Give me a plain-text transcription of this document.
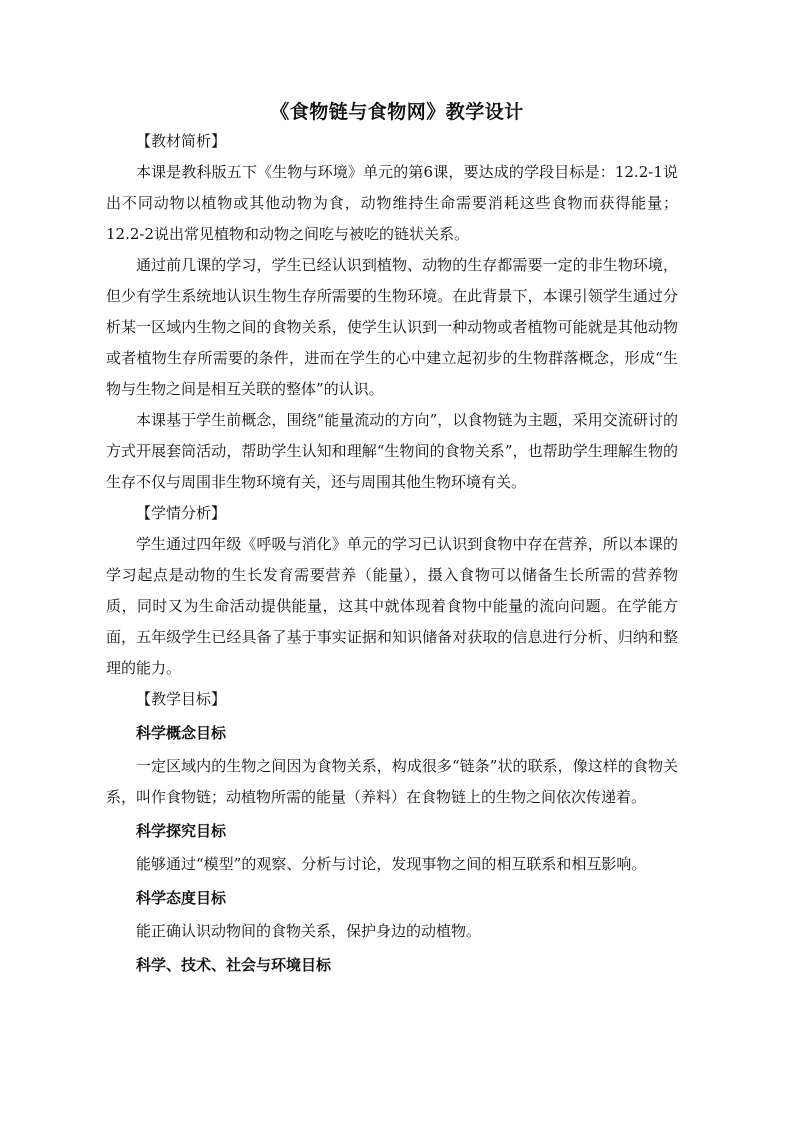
《食物链与食物网》教学设计

【教材简析】

本课是教科版五下《生物与环境》单元的第6课，要达成的学段目标是：12.2-1说出不同动物以植物或其他动物为食，动物维持生命需要消耗这些食物而获得能量；12.2-2说出常见植物和动物之间吃与被吃的链状关系。

通过前几课的学习，学生已经认识到植物、动物的生存都需要一定的非生物环境，但少有学生系统地认识生物生存所需要的生物环境。在此背景下，本课引领学生通过分析某一区域内生物之间的食物关系，使学生认识到一种动物或者植物可能就是其他动物或者植物生存所需要的条件，进而在学生的心中建立起初步的生物群落概念，形成“生物与生物之间是相互关联的整体”的认识。

本课基于学生前概念，围绕“能量流动的方向”，以食物链为主题，采用交流研讨的方式开展套筒活动，帮助学生认知和理解“生物间的食物关系”，也帮助学生理解生物的生存不仅与周围非生物环境有关，还与周围其他生物环境有关。

【学情分析】

学生通过四年级《呼吸与消化》单元的学习已认识到食物中存在营养，所以本课的学习起点是动物的生长发育需要营养（能量），摄入食物可以储备生长所需的营养物质，同时又为生命活动提供能量，这其中就体现着食物中能量的流向问题。在学能方面，五年级学生已经具备了基于事实证据和知识储备对获取的信息进行分析、归纳和整理的能力。

【教学目标】

科学概念目标

一定区域内的生物之间因为食物关系，构成很多“链条”状的联系，像这样的食物关系，叫作食物链；动植物所需的能量（养料）在食物链上的生物之间依次传递着。

科学探究目标

能够通过“模型”的观察、分析与讨论，发现事物之间的相互联系和相互影响。

科学态度目标

能正确认识动物间的食物关系，保护身边的动植物。

科学、技术、社会与环境目标
